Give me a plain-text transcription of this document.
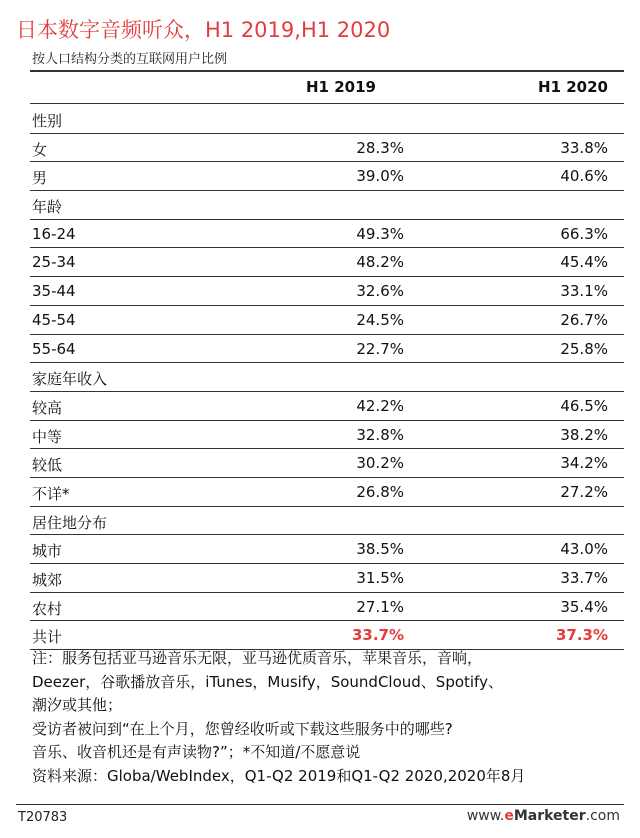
日本数字音频听众，H1 2019,H1 2020
按人口结构分类的互联网用户比例
H1 2019	H1 2020
性别
女	28.3%	33.8%
男	39.0%	40.6%
年龄
16-24	49.3%	66.3%
25-34	48.2%	45.4%
35-44	32.6%	33.1%
45-54	24.5%	26.7%
55-64	22.7%	25.8%
家庭年收入
较高	42.2%	46.5%
中等	32.8%	38.2%
较低	30.2%	34.2%
不详*	26.8%	27.2%
居住地分布
城市	38.5%	43.0%
城郊	31.5%	33.7%
农村	27.1%	35.4%
共计	33.7%	37.3%
注：服务包括亚马逊音乐无限，亚马逊优质音乐，苹果音乐，音响，
Deezer，谷歌播放音乐，iTunes，Musify，SoundCloud、Spotify、
潮汐或其他；
受访者被问到“在上个月，您曾经收听或下载这些服务中的哪些?
音乐、收音机还是有声读物?”；*不知道/不愿意说
资料来源：Globa/WebIndex，Q1-Q2 2019和Q1-Q2 2020,2020年8月
T20783	www.eMarketer.com
